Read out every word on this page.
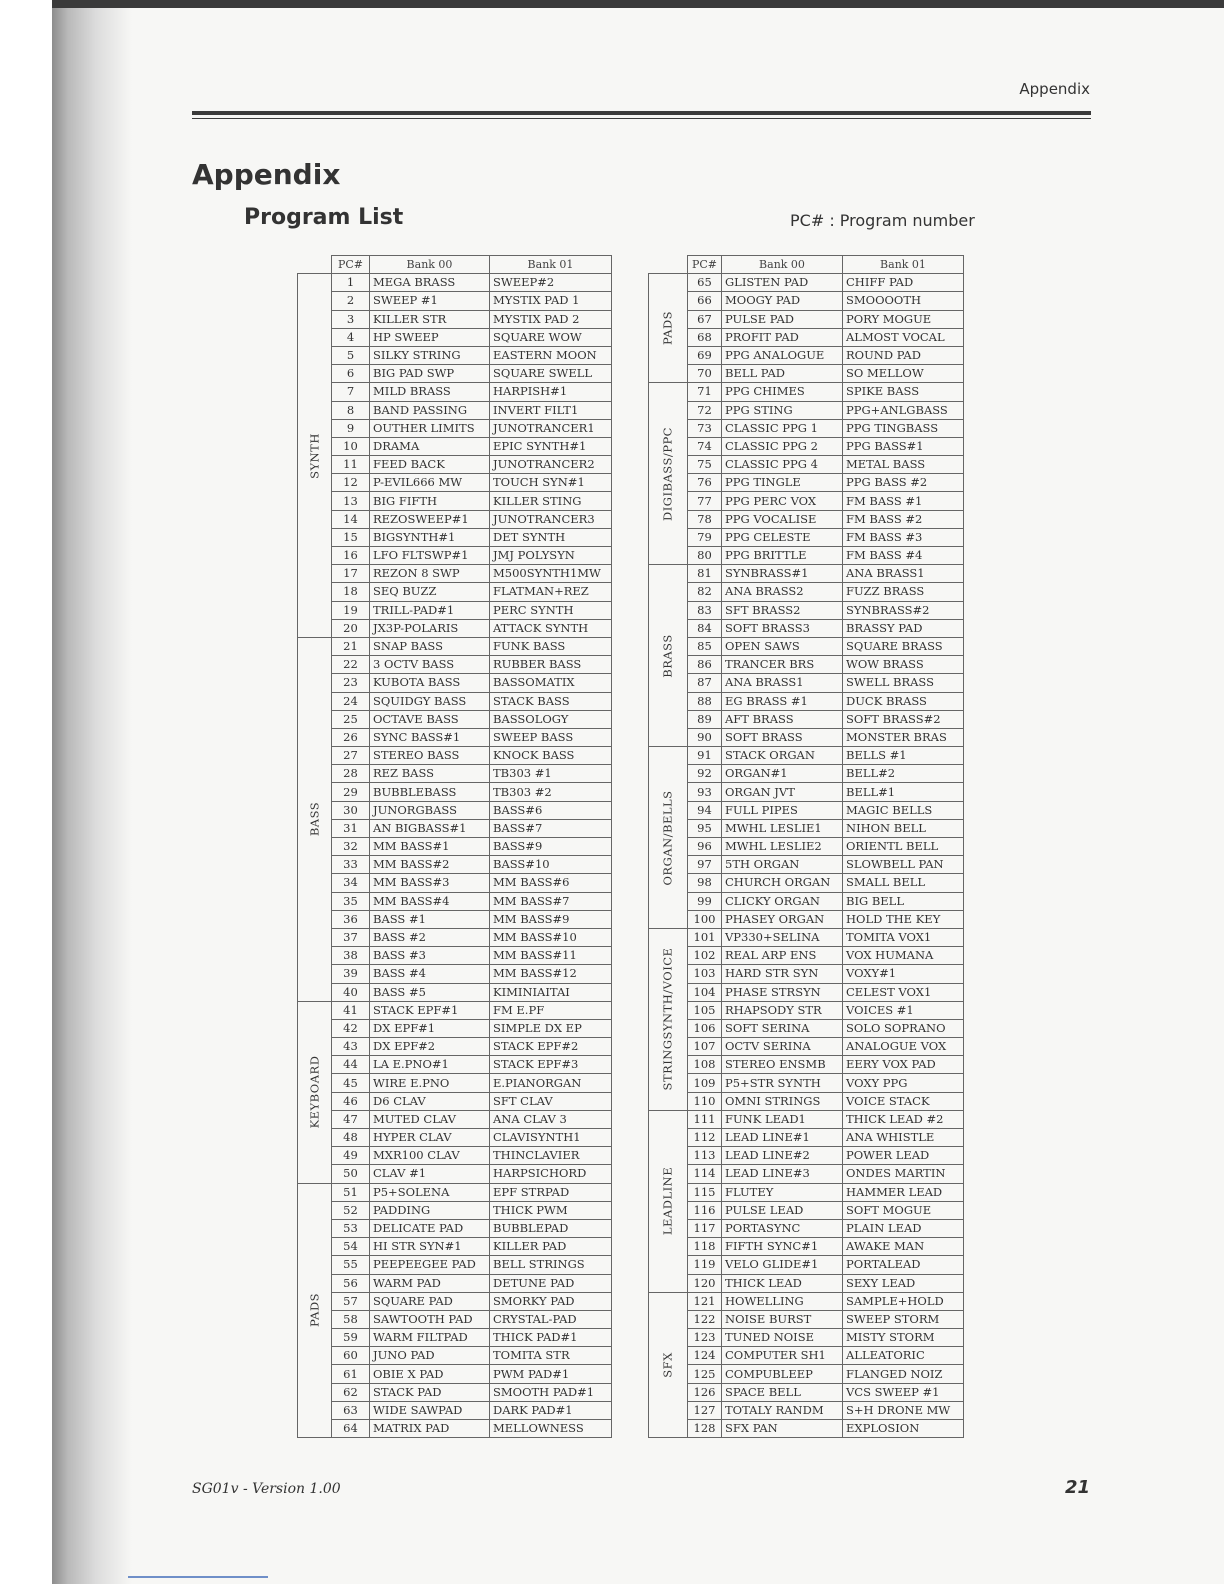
Appendix
Appendix
Program List	PC# : Program number
	PC#	Bank 00	Bank 01

SYNTH	1	MEGA BRASS	SWEEP#2
	2	SWEEP #1	MYSTIX PAD 1
	3	KILLER STR	MYSTIX PAD 2
	4	HP SWEEP	SQUARE WOW
	5	SILKY STRING	EASTERN MOON
	6	BIG PAD SWP	SQUARE SWELL
	7	MILD BRASS	HARPISH#1
	8	BAND PASSING	INVERT FILT1
	9	OUTHER LIMITS	JUNOTRANCER1
	10	DRAMA	EPIC SYNTH#1
	11	FEED BACK	JUNOTRANCER2
	12	P-EVIL666 MW	TOUCH SYN#1
	13	BIG FIFTH	KILLER STING
	14	REZOSWEEP#1	JUNOTRANCER3
	15	BIGSYNTH#1	DET SYNTH
	16	LFO FLTSWP#1	JMJ POLYSYN
	17	REZON 8 SWP	M500SYNTH1MW
	18	SEQ BUZZ	FLATMAN+REZ
	19	TRILL-PAD#1	PERC SYNTH
	20	JX3P-POLARIS	ATTACK SYNTH

BASS	21	SNAP BASS	FUNK BASS
	22	3 OCTV BASS	RUBBER BASS
	23	KUBOTA BASS	BASSOMATIX
	24	SQUIDGY BASS	STACK BASS
	25	OCTAVE BASS	BASSOLOGY
	26	SYNC BASS#1	SWEEP BASS
	27	STEREO BASS	KNOCK BASS
	28	REZ BASS	TB303 #1
	29	BUBBLEBASS	TB303 #2
	30	JUNORGBASS	BASS#6
	31	AN BIGBASS#1	BASS#7
	32	MM BASS#1	BASS#9
	33	MM BASS#2	BASS#10
	34	MM BASS#3	MM BASS#6
	35	MM BASS#4	MM BASS#7
	36	BASS #1	MM BASS#9
	37	BASS #2	MM BASS#10
	38	BASS #3	MM BASS#11
	39	BASS #4	MM BASS#12
	40	BASS #5	KIMINIAITAI

KEYBOARD	41	STACK EPF#1	FM E.PF
	42	DX EPF#1	SIMPLE DX EP
	43	DX EPF#2	STACK EPF#2
	44	LA E.PNO#1	STACK EPF#3
	45	WIRE E.PNO	E.PIANORGAN
	46	D6 CLAV	SFT CLAV
	47	MUTED CLAV	ANA CLAV 3
	48	HYPER CLAV	CLAVISYNTH1
	49	MXR100 CLAV	THINCLAVIER
	50	CLAV #1	HARPSICHORD

PADS	51	P5+SOLENA	EPF STRPAD
	52	PADDING	THICK PWM
	53	DELICATE PAD	BUBBLEPAD
	54	HI STR SYN#1	KILLER PAD
	55	PEEPEEGEE PAD	BELL STRINGS
	56	WARM PAD	DETUNE PAD
	57	SQUARE PAD	SMORKY PAD
	58	SAWTOOTH PAD	CRYSTAL-PAD
	59	WARM FILTPAD	THICK PAD#1
	60	JUNO PAD	TOMITA STR
	61	OBIE X PAD	PWM PAD#1
	62	STACK PAD	SMOOTH PAD#1
	63	WIDE SAWPAD	DARK PAD#1
	64	MATRIX PAD	MELLOWNESS
	PC#	Bank 00	Bank 01

PADS	65	GLISTEN PAD	CHIFF PAD
	66	MOOGY PAD	SMOOOOTH
	67	PULSE PAD	PORY MOGUE
	68	PROFIT PAD	ALMOST VOCAL
	69	PPG ANALOGUE	ROUND PAD
	70	BELL PAD	SO MELLOW

DIGIBASS/PPC	71	PPG CHIMES	SPIKE BASS
	72	PPG STING	PPG+ANLGBASS
	73	CLASSIC PPG 1	PPG TINGBASS
	74	CLASSIC PPG 2	PPG BASS#1
	75	CLASSIC PPG 4	METAL BASS
	76	PPG TINGLE	PPG BASS #2
	77	PPG PERC VOX	FM BASS #1
	78	PPG VOCALISE	FM BASS #2
	79	PPG CELESTE	FM BASS #3
	80	PPG BRITTLE	FM BASS #4

BRASS	81	SYNBRASS#1	ANA BRASS1
	82	ANA BRASS2	FUZZ BRASS
	83	SFT BRASS2	SYNBRASS#2
	84	SOFT BRASS3	BRASSY PAD
	85	OPEN SAWS	SQUARE BRASS
	86	TRANCER BRS	WOW BRASS
	87	ANA BRASS1	SWELL BRASS
	88	EG BRASS #1	DUCK BRASS
	89	AFT BRASS	SOFT BRASS#2
	90	SOFT BRASS	MONSTER BRAS

ORGAN/BELLS	91	STACK ORGAN	BELLS #1
	92	ORGAN#1	BELL#2
	93	ORGAN JVT	BELL#1
	94	FULL PIPES	MAGIC BELLS
	95	MWHL LESLIE1	NIHON BELL
	96	MWHL LESLIE2	ORIENTL BELL
	97	5TH ORGAN	SLOWBELL PAN
	98	CHURCH ORGAN	SMALL BELL
	99	CLICKY ORGAN	BIG BELL
	100	PHASEY ORGAN	HOLD THE KEY

STRINGSYNTH/VOICE	101	VP330+SELINA	TOMITA VOX1
	102	REAL ARP ENS	VOX HUMANA
	103	HARD STR SYN	VOXY#1
	104	PHASE STRSYN	CELEST VOX1
	105	RHAPSODY STR	VOICES #1
	106	SOFT SERINA	SOLO SOPRANO
	107	OCTV SERINA	ANALOGUE VOX
	108	STEREO ENSMB	EERY VOX PAD
	109	P5+STR SYNTH	VOXY PPG
	110	OMNI STRINGS	VOICE STACK

LEADLINE	111	FUNK LEAD1	THICK LEAD #2
	112	LEAD LINE#1	ANA WHISTLE
	113	LEAD LINE#2	POWER LEAD
	114	LEAD LINE#3	ONDES MARTIN
	115	FLUTEY	HAMMER LEAD
	116	PULSE LEAD	SOFT MOGUE
	117	PORTASYNC	PLAIN LEAD
	118	FIFTH SYNC#1	AWAKE MAN
	119	VELO GLIDE#1	PORTALEAD
	120	THICK LEAD	SEXY LEAD

SFX	121	HOWELLING	SAMPLE+HOLD
	122	NOISE BURST	SWEEP STORM
	123	TUNED NOISE	MISTY STORM
	124	COMPUTER SH1	ALLEATORIC
	125	COMPUBLEEP	FLANGED NOIZ
	126	SPACE BELL	VCS SWEEP #1
	127	TOTALY RANDM	S+H DRONE MW
	128	SFX PAN	EXPLOSION
SG01v - Version 1.00	21
